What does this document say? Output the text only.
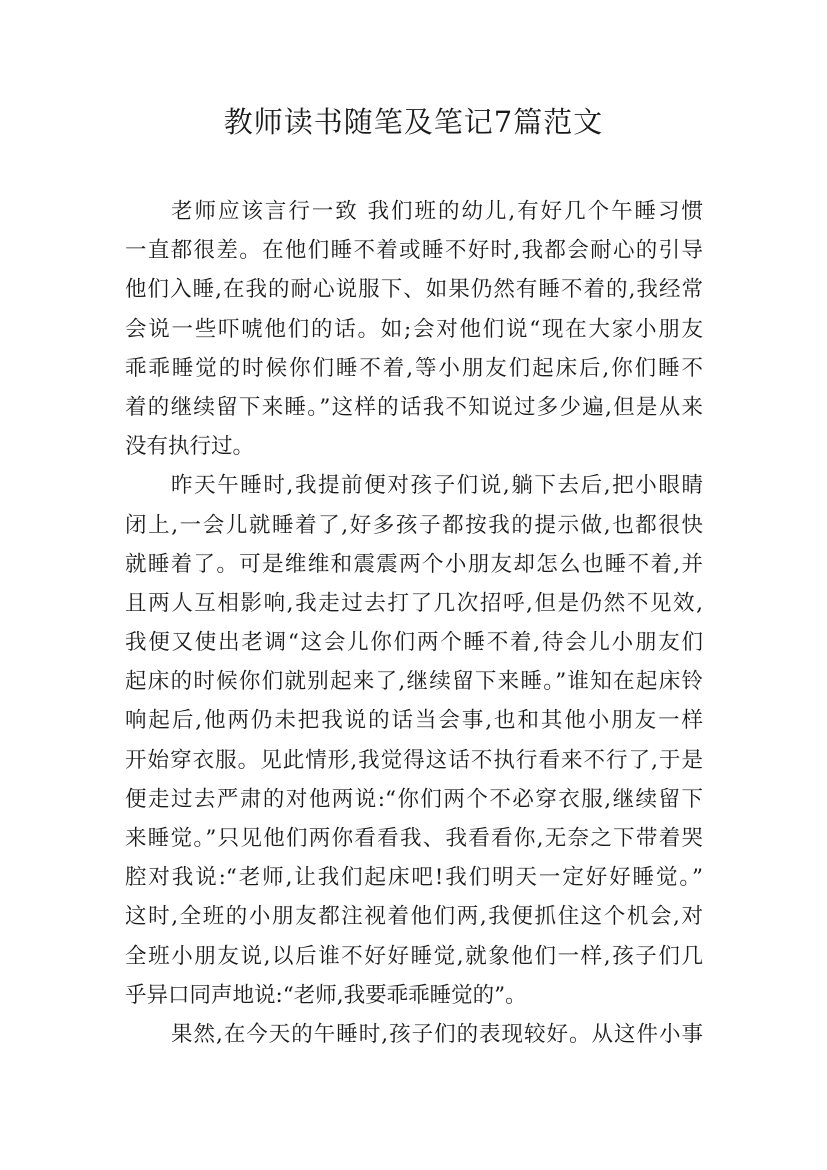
教师读书随笔及笔记7篇范文
老师应该言行一致 我们班的幼儿,有好几个午睡习惯
一直都很差。在他们睡不着或睡不好时,我都会耐心的引导
他们入睡,在我的耐心说服下、如果仍然有睡不着的,我经常
会说一些吓唬他们的话。如;会对他们说“现在大家小朋友
乖乖睡觉的时候你们睡不着,等小朋友们起床后,你们睡不
着的继续留下来睡。”这样的话我不知说过多少遍,但是从来
没有执行过。
昨天午睡时,我提前便对孩子们说,躺下去后,把小眼睛
闭上,一会儿就睡着了,好多孩子都按我的提示做,也都很快
就睡着了。可是维维和震震两个小朋友却怎么也睡不着,并
且两人互相影响,我走过去打了几次招呼,但是仍然不见效,
我便又使出老调“这会儿你们两个睡不着,待会儿小朋友们
起床的时候你们就别起来了,继续留下来睡。”谁知在起床铃
响起后,他两仍未把我说的话当会事,也和其他小朋友一样
开始穿衣服。见此情形,我觉得这话不执行看来不行了,于是
便走过去严肃的对他两说:“你们两个不必穿衣服,继续留下
来睡觉。”只见他们两你看看我、我看看你,无奈之下带着哭
腔对我说:“老师,让我们起床吧!我们明天一定好好睡觉。”
这时,全班的小朋友都注视着他们两,我便抓住这个机会,对
全班小朋友说,以后谁不好好睡觉,就象他们一样,孩子们几
乎异口同声地说:“老师,我要乖乖睡觉的”。
果然,在今天的午睡时,孩子们的表现较好。从这件小事
